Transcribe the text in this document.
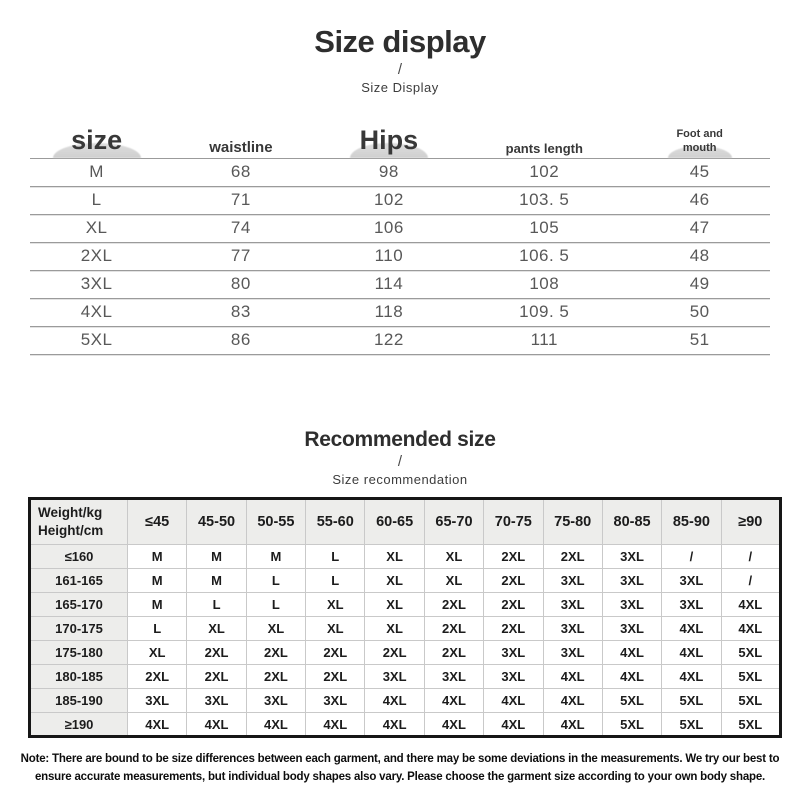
Size display
/
Size Display
size	waistline	Hips	pants length	Foot and mouth
M	68	98	102	45
L	71	102	103. 5	46
XL	74	106	105	47
2XL	77	110	106. 5	48
3XL	80	114	108	49
4XL	83	118	109. 5	50
5XL	86	122	111	51
Recommended size
/
Size recommendation
Weight/kg
Height/cm	≤45	45-50	50-55	55-60	60-65	65-70	70-75	75-80	80-85	85-90	≥90
≤160	M	M	M	L	XL	XL	2XL	2XL	3XL	/	/
161-165	M	M	L	L	XL	XL	2XL	3XL	3XL	3XL	/
165-170	M	L	L	XL	XL	2XL	2XL	3XL	3XL	3XL	4XL
170-175	L	XL	XL	XL	XL	2XL	2XL	3XL	3XL	4XL	4XL
175-180	XL	2XL	2XL	2XL	2XL	2XL	3XL	3XL	4XL	4XL	5XL
180-185	2XL	2XL	2XL	2XL	3XL	3XL	3XL	4XL	4XL	4XL	5XL
185-190	3XL	3XL	3XL	3XL	4XL	4XL	4XL	4XL	5XL	5XL	5XL
≥190	4XL	4XL	4XL	4XL	4XL	4XL	4XL	4XL	5XL	5XL	5XL
Note: There are bound to be size differences between each garment, and there may be some deviations in the measurements. We try our best to ensure accurate measurements, but individual body shapes also vary. Please choose the garment size according to your own body shape.
